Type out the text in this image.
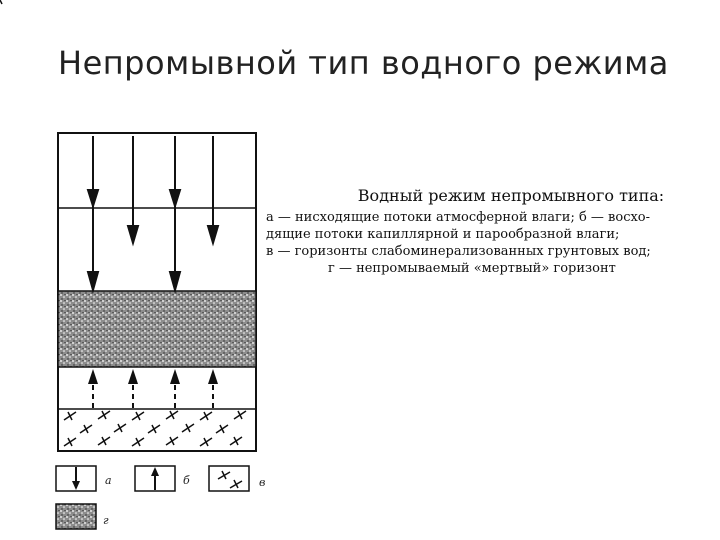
Непромывной тип водного режима
а	б	в
г
Водный режим непромывного типа:
а — нисходящие потоки атмосферной влаги; б — восхо-
дящие потоки капиллярной и парообразной влаги;
в — горизонты слабоминерализованных грунтовых вод;
г — непромываемый «мертвый» горизонт
